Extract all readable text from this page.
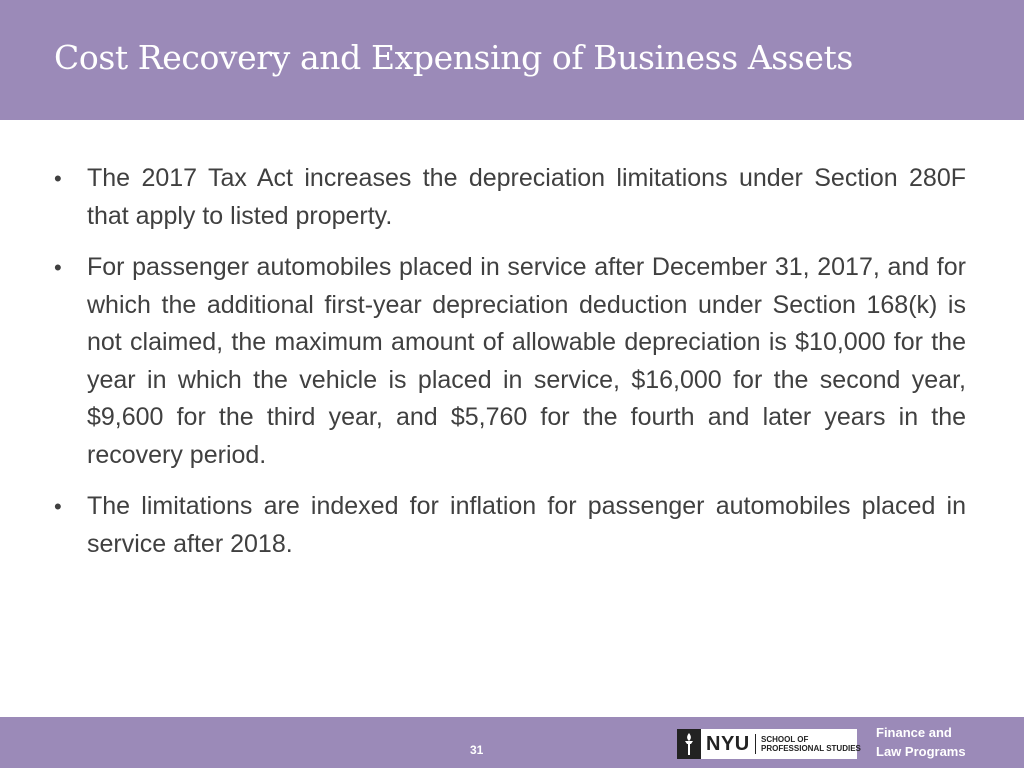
Cost Recovery and Expensing of Business Assets
• The 2017 Tax Act increases the depreciation limitations under Section 280F that apply to listed property.
• For passenger automobiles placed in service after December 31, 2017, and for which the additional first-year depreciation deduction under Section 168(k) is not claimed, the maximum amount of allowable depreciation is $10,000 for the year in which the vehicle is placed in service, $16,000 for the second year, $9,600 for the third year, and $5,760 for the fourth and later years in the recovery period.
• The limitations are indexed for inflation for passenger automobiles placed in service after 2018.
31	NYU SCHOOL OF
PROFESSIONAL STUDIES
Finance and
Law Programs
